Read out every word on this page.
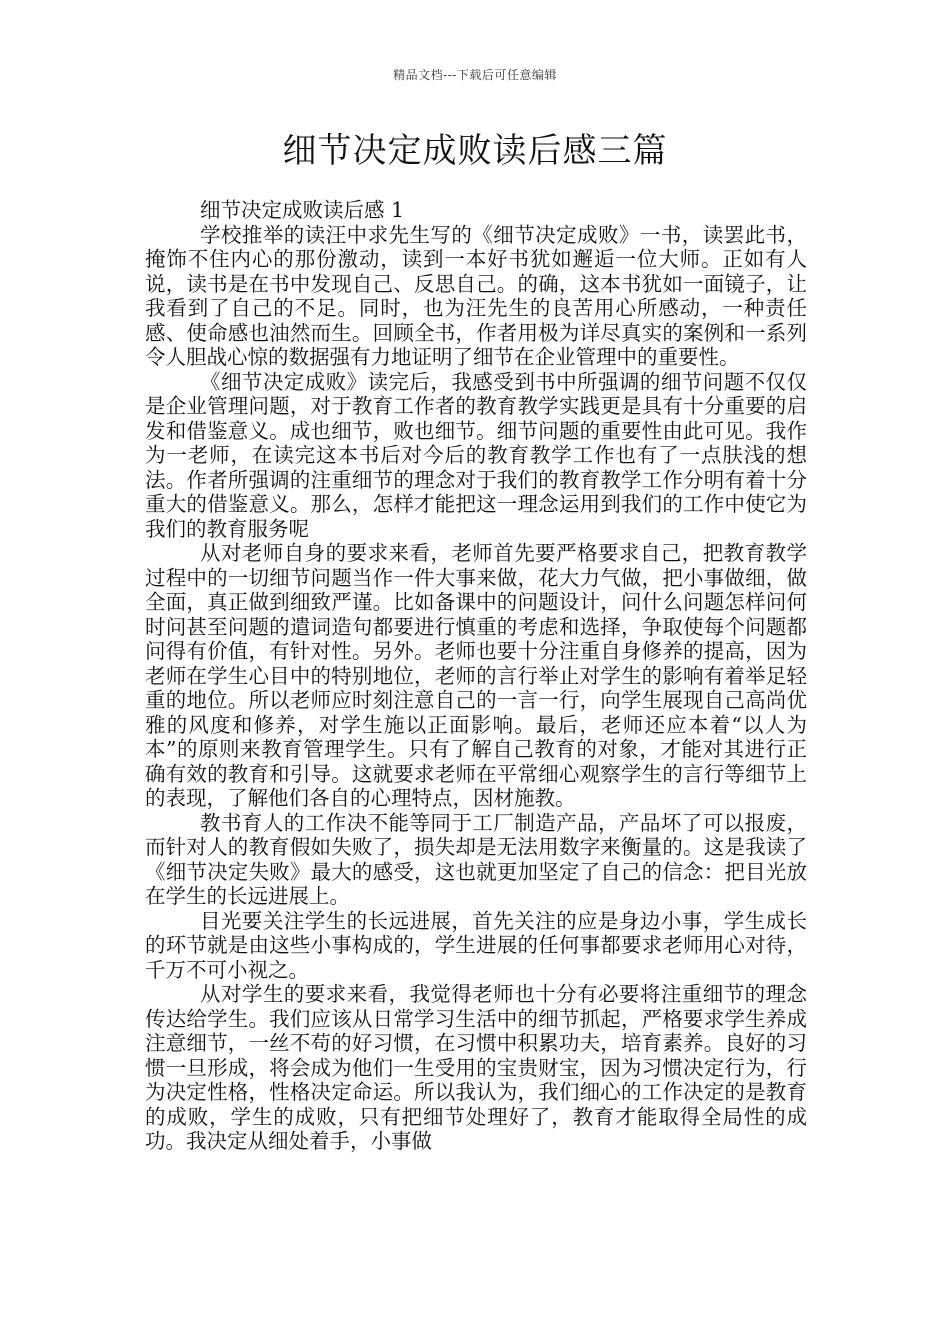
精品文档---下载后可任意编辑
细节决定成败读后感三篇

细节决定成败读后感 1

学校推举的读汪中求先生写的《细节决定成败》一书，读罢此书，掩饰不住内心的那份激动，读到一本好书犹如邂逅一位大师。正如有人说，读书是在书中发现自己、反思自己。的确，这本书犹如一面镜子，让我看到了自己的不足。同时，也为汪先生的良苦用心所感动，一种责任感、使命感也油然而生。回顾全书，作者用极为详尽真实的案例和一系列令人胆战心惊的数据强有力地证明了细节在企业管理中的重要性。

《细节决定成败》读完后，我感受到书中所强调的细节问题不仅仅是企业管理问题，对于教育工作者的教育教学实践更是具有十分重要的启发和借鉴意义。成也细节，败也细节。细节问题的重要性由此可见。我作为一老师，在读完这本书后对今后的教育教学工作也有了一点肤浅的想法。作者所强调的注重细节的理念对于我们的教育教学工作分明有着十分重大的借鉴意义。那么，怎样才能把这一理念运用到我们的工作中使它为我们的教育服务呢

从对老师自身的要求来看，老师首先要严格要求自己，把教育教学过程中的一切细节问题当作一件大事来做，花大力气做，把小事做细，做全面，真正做到细致严谨。比如备课中的问题设计，问什么问题怎样问何时问甚至问题的遣词造句都要进行慎重的考虑和选择，争取使每个问题都问得有价值，有针对性。另外。老师也要十分注重自身修养的提高，因为老师在学生心目中的特别地位，老师的言行举止对学生的影响有着举足轻重的地位。所以老师应时刻注意自己的一言一行，向学生展现自己高尚优雅的风度和修养，对学生施以正面影响。最后，老师还应本着“以人为本”的原则来教育管理学生。只有了解自己教育的对象，才能对其进行正确有效的教育和引导。这就要求老师在平常细心观察学生的言行等细节上的表现，了解他们各自的心理特点，因材施教。

教书育人的工作决不能等同于工厂制造产品，产品坏了可以报废，而针对人的教育假如失败了，损失却是无法用数字来衡量的。这是我读了《细节决定失败》最大的感受，这也就更加坚定了自己的信念：把目光放在学生的长远进展上。

目光要关注学生的长远进展，首先关注的应是身边小事，学生成长的环节就是由这些小事构成的，学生进展的任何事都要求老师用心对待，千万不可小视之。

从对学生的要求来看，我觉得老师也十分有必要将注重细节的理念传达给学生。我们应该从日常学习生活中的细节抓起，严格要求学生养成注意细节，一丝不苟的好习惯，在习惯中积累功夫，培育素养。良好的习惯一旦形成，将会成为他们一生受用的宝贵财宝，因为习惯决定行为，行为决定性格，性格决定命运。所以我认为，我们细心的工作决定的是教育的成败，学生的成败，只有把细节处理好了，教育才能取得全局性的成功。我决定从细处着手，小事做
